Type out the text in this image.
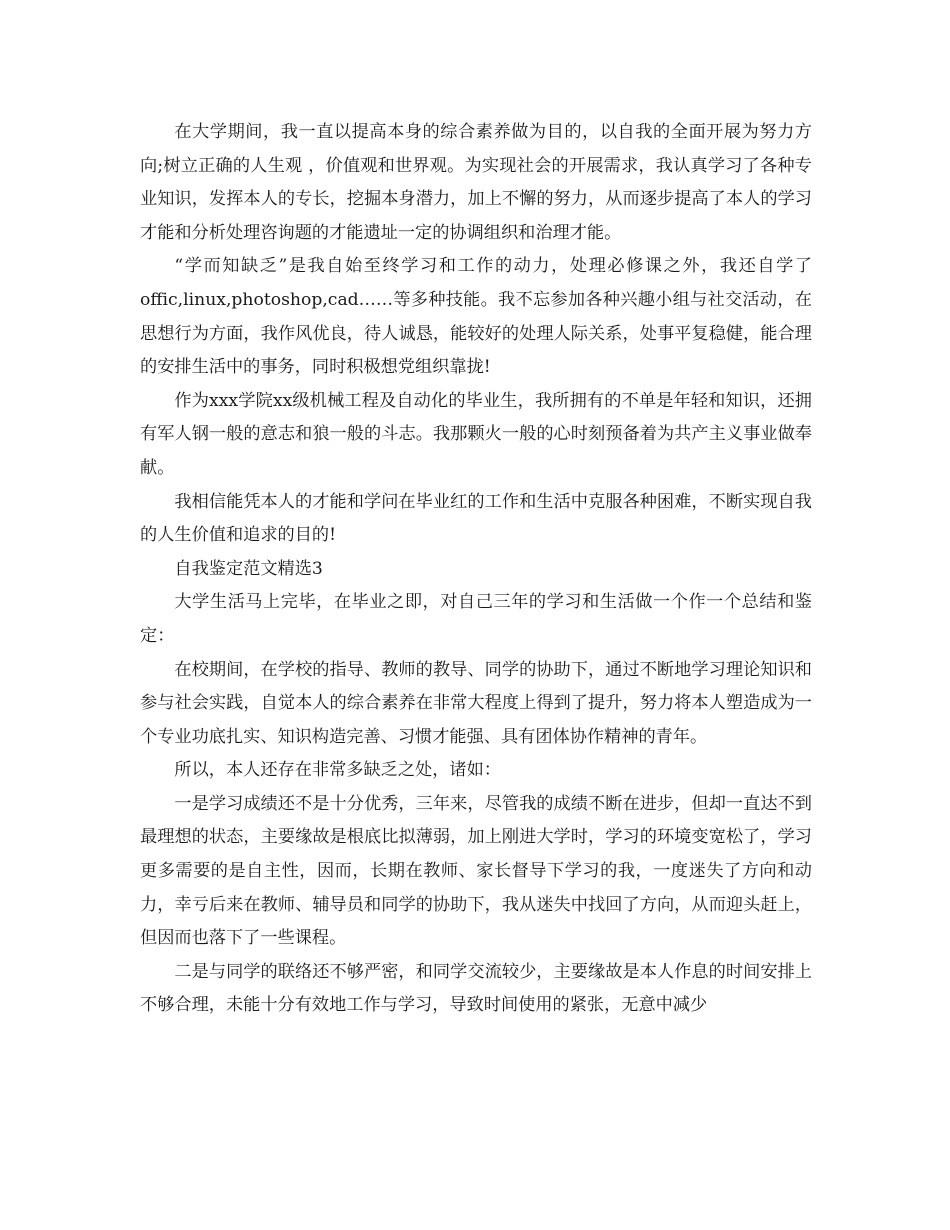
在大学期间，我一直以提高本身的综合素养做为目的，以自我的全面开展为努力方向;树立正确的人生观 ，价值观和世界观。为实现社会的开展需求，我认真学习了各种专业知识，发挥本人的专长，挖掘本身潜力，加上不懈的努力，从而逐步提高了本人的学习才能和分析处理咨询题的才能遗址一定的协调组织和治理才能。

“学而知缺乏”是我自始至终学习和工作的动力，处理必修课之外，我还自学了offic,linux,photoshop,cad……等多种技能。我不忘参加各种兴趣小组与社交活动，在思想行为方面，我作风优良，待人诚恳，能较好的处理人际关系，处事平复稳健，能合理的安排生活中的事务，同时积极想党组织靠拢!

作为xxx学院xx级机械工程及自动化的毕业生，我所拥有的不单是年轻和知识，还拥有军人钢一般的意志和狼一般的斗志。我那颗火一般的心时刻预备着为共产主义事业做奉献。

我相信能凭本人的才能和学问在毕业红的工作和生活中克服各种困难，不断实现自我的人生价值和追求的目的!

自我鉴定范文精选3

大学生活马上完毕，在毕业之即，对自己三年的学习和生活做一个作一个总结和鉴定：

在校期间，在学校的指导、教师的教导、同学的协助下，通过不断地学习理论知识和参与社会实践，自觉本人的综合素养在非常大程度上得到了提升，努力将本人塑造成为一个专业功底扎实、知识构造完善、习惯才能强、具有团体协作精神的青年。

所以，本人还存在非常多缺乏之处，诸如：

一是学习成绩还不是十分优秀，三年来，尽管我的成绩不断在进步，但却一直达不到最理想的状态，主要缘故是根底比拟薄弱，加上刚进大学时，学习的环境变宽松了，学习更多需要的是自主性，因而，长期在教师、家长督导下学习的我，一度迷失了方向和动力，幸亏后来在教师、辅导员和同学的协助下，我从迷失中找回了方向，从而迎头赶上，但因而也落下了一些课程。

二是与同学的联络还不够严密，和同学交流较少，主要缘故是本人作息的时间安排上不够合理，未能十分有效地工作与学习，导致时间使用的紧张，无意中减少
